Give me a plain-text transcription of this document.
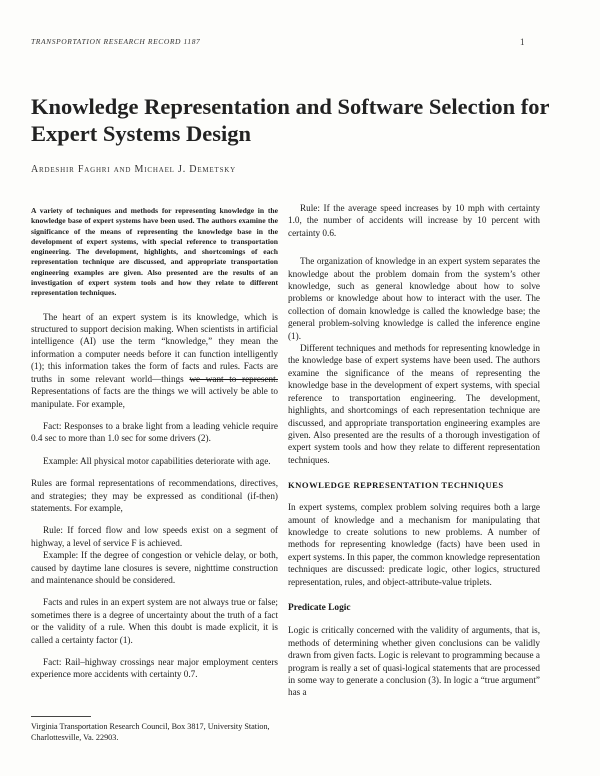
TRANSPORTATION RESEARCH RECORD 1187	1
Knowledge Representation and Software Selection for Expert Systems Design
Ardeshir Faghri and Michael J. Demetsky

A variety of techniques and methods for representing knowledge in the knowledge base of expert systems have been used. The authors examine the significance of the means of representing the knowledge base in the development of expert systems, with special reference to transportation engineering. The development, highlights, and shortcomings of each representation technique are discussed, and appropriate transportation engineering examples are given. Also presented are the results of an investigation of expert system tools and how they relate to different representation techniques.

The heart of an expert system is its knowledge, which is structured to support decision making. When scientists in artificial intelligence (AI) use the term “knowledge,” they mean the information a computer needs before it can function intelligently (1); this information takes the form of facts and rules. Facts are truths in some relevant world—things we want to represent. Representations of facts are the things we will actively be able to manipulate. For example,

Fact: Responses to a brake light from a leading vehicle require 0.4 sec to more than 1.0 sec for some drivers (2).

Example: All physical motor capabilities deteriorate with age.

Rules are formal representations of recommendations, directives, and strategies; they may be expressed as conditional (if-then) statements. For example,

Rule: If forced flow and low speeds exist on a segment of highway, a level of service F is achieved.

Example: If the degree of congestion or vehicle delay, or both, caused by daytime lane closures is severe, nighttime construction and maintenance should be considered.

Facts and rules in an expert system are not always true or false; sometimes there is a degree of uncertainty about the truth of a fact or the validity of a rule. When this doubt is made explicit, it is called a certainty factor (1).

Fact: Rail–highway crossings near major employment centers experience more accidents with certainty 0.7.

Virginia Transportation Research Council, Box 3817, University Station, Charlottesville, Va. 22903.

Rule: If the average speed increases by 10 mph with certainty 1.0, the number of accidents will increase by 10 percent with certainty 0.6.

The organization of knowledge in an expert system separates the knowledge about the problem domain from the system’s other knowledge, such as general knowledge about how to solve problems or knowledge about how to interact with the user. The collection of domain knowledge is called the knowledge base; the general problem-solving knowledge is called the inference engine (1).

Different techniques and methods for representing knowledge in the knowledge base of expert systems have been used. The authors examine the significance of the means of representing the knowledge base in the development of expert systems, with special reference to transportation engineering. The development, highlights, and shortcomings of each representation technique are discussed, and appropriate transportation engineering examples are given. Also presented are the results of a thorough investigation of expert system tools and how they relate to different representation techniques.

KNOWLEDGE REPRESENTATION TECHNIQUES

In expert systems, complex problem solving requires both a large amount of knowledge and a mechanism for manipulating that knowledge to create solutions to new problems. A number of methods for representing knowledge (facts) have been used in expert systems. In this paper, the common knowledge representation techniques are discussed: predicate logic, other logics, structured representation, rules, and object-attribute-value triplets.

Predicate Logic

Logic is critically concerned with the validity of arguments, that is, methods of determining whether given conclusions can be validly drawn from given facts. Logic is relevant to programming because a program is really a set of quasi-logical statements that are processed in some way to generate a conclusion (3). In logic a “true argument” has a
